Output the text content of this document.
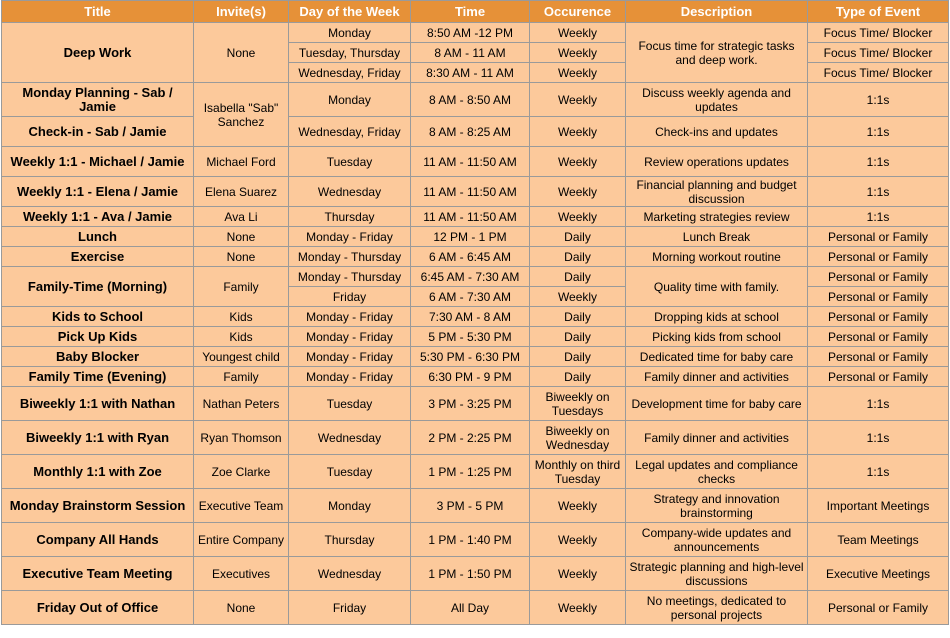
Title	Invite(s)	Day of the Week	Time	Occurence	Description	Type of Event
Deep Work	None	Monday	8:50 AM -12 PM	Weekly	Focus time for strategic tasks and deep work.	Focus Time/ Blocker
		Tuesday, Thursday	8 AM - 11 AM	Weekly		Focus Time/ Blocker
		Wednesday, Friday	8:30 AM - 11 AM	Weekly		Focus Time/ Blocker
Monday Planning - Sab / Jamie	Isabella "Sab" Sanchez	Monday	8 AM - 8:50 AM	Weekly	Discuss weekly agenda and updates	1:1s
Check-in - Sab / Jamie		Wednesday, Friday	8 AM - 8:25 AM	Weekly	Check-ins and updates	1:1s
Weekly 1:1 - Michael / Jamie	Michael Ford	Tuesday	11 AM - 11:50 AM	Weekly	Review operations updates	1:1s
Weekly 1:1 - Elena / Jamie	Elena Suarez	Wednesday	11 AM - 11:50 AM	Weekly	Financial planning and budget discussion	1:1s
Weekly 1:1 - Ava / Jamie	Ava Li	Thursday	11 AM - 11:50 AM	Weekly	Marketing strategies review	1:1s
Lunch	None	Monday - Friday	12 PM - 1 PM	Daily	Lunch Break	Personal or Family
Exercise	None	Monday - Thursday	6 AM - 6:45 AM	Daily	Morning workout routine	Personal or Family
Family-Time (Morning)	Family	Monday - Thursday	6:45 AM - 7:30 AM	Daily	Quality time with family.	Personal or Family
		Friday	6 AM - 7:30 AM	Weekly		Personal or Family
Kids to School	Kids	Monday - Friday	7:30 AM - 8 AM	Daily	Dropping kids at school	Personal or Family
Pick Up Kids	Kids	Monday - Friday	5 PM - 5:30 PM	Daily	Picking kids from school	Personal or Family
Baby Blocker	Youngest child	Monday - Friday	5:30 PM - 6:30 PM	Daily	Dedicated time for baby care	Personal or Family
Family Time (Evening)	Family	Monday - Friday	6:30 PM - 9 PM	Daily	Family dinner and activities	Personal or Family
Biweekly 1:1 with Nathan	Nathan Peters	Tuesday	3 PM - 3:25 PM	Biweekly on Tuesdays	Development time for baby care	1:1s
Biweekly 1:1 with Ryan	Ryan Thomson	Wednesday	2 PM - 2:25 PM	Biweekly on Wednesday	Family dinner and activities	1:1s
Monthly 1:1 with Zoe	Zoe Clarke	Tuesday	1 PM - 1:25 PM	Monthly on third Tuesday	Legal updates and compliance checks	1:1s
Monday Brainstorm Session	Executive Team	Monday	3 PM - 5 PM	Weekly	Strategy and innovation brainstorming	Important Meetings
Company All Hands	Entire Company	Thursday	1 PM - 1:40 PM	Weekly	Company-wide updates and announcements	Team Meetings
Executive Team Meeting	Executives	Wednesday	1 PM - 1:50 PM	Weekly	Strategic planning and high-level discussions	Executive Meetings
Friday Out of Office	None	Friday	All Day	Weekly	No meetings, dedicated to personal projects	Personal or Family
